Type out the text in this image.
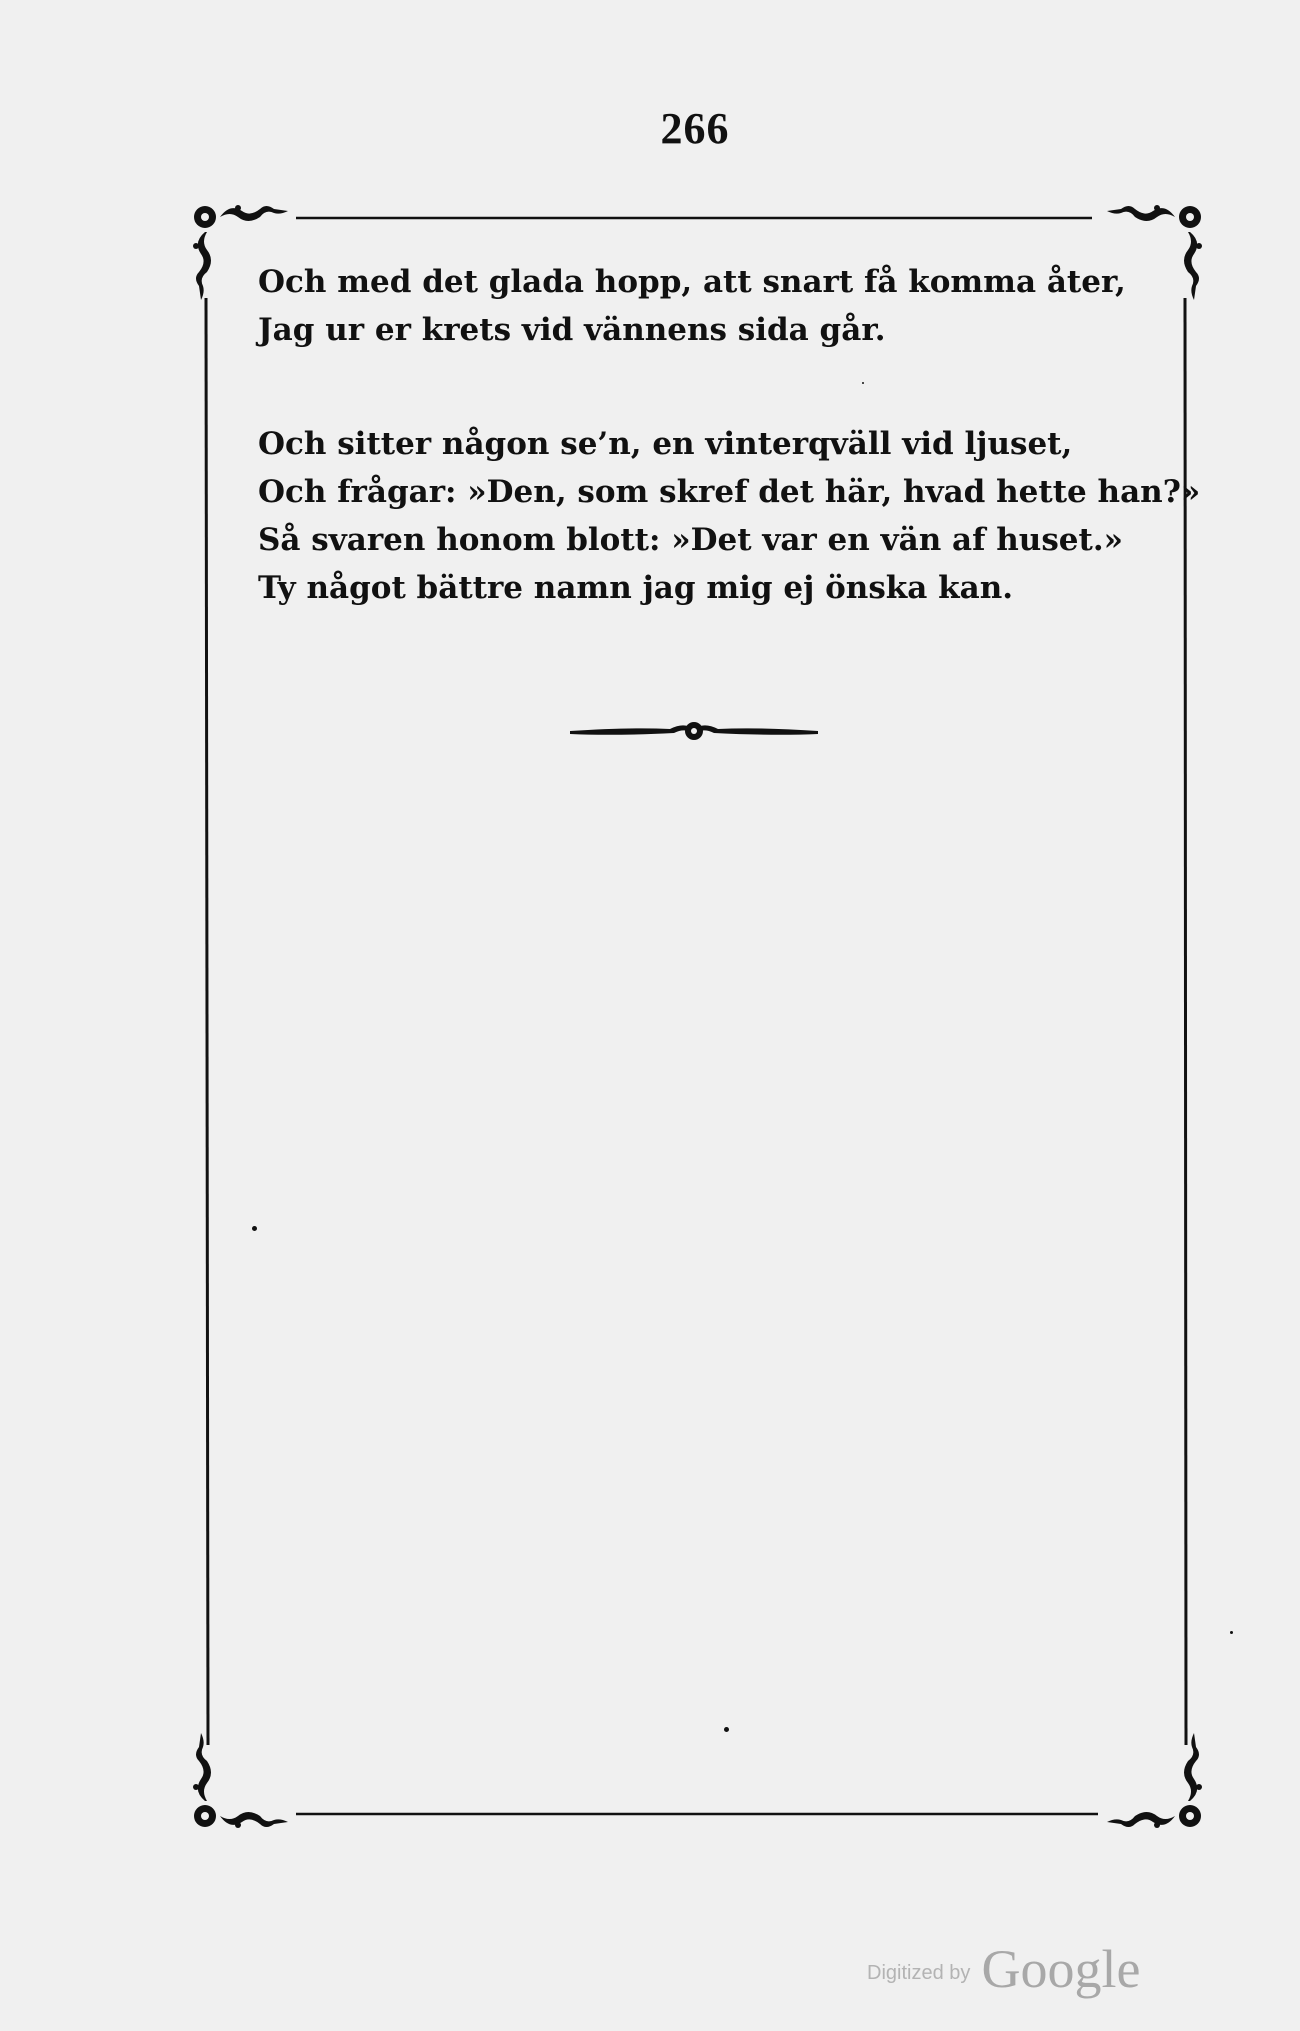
266

Och med det glada hopp, att snart få komma åter,
Jag ur er krets vid vännens sida går.

Och sitter någon se’n, en vinterqväll vid ljuset,
Och frågar: »Den, som skref det här, hvad hette han?»
Så svaren honom blott: »Det var en vän af huset.»
Ty något bättre namn jag mig ej önska kan.

Digitized by Google
